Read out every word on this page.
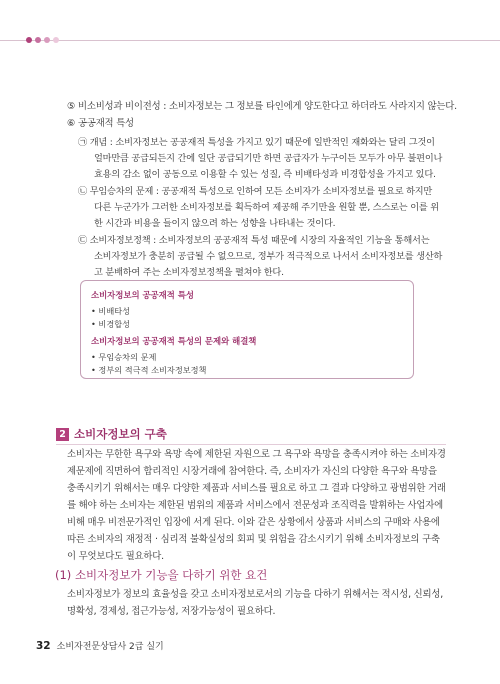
⑤ 비소비성과 비이전성 : 소비자정보는 그 정보를 타인에게 양도한다고 하더라도 사라지지 않는다.
⑥ 공공재적 특성
㉠ 개념 : 소비자정보는 공공재적 특성을 가지고 있기 때문에 일반적인 재화와는 달리 그것이
얼마만큼 공급되든지 간에 일단 공급되기만 하면 공급자가 누구이든 모두가 아무 불편이나
효용의 감소 없이 공동으로 이용할 수 있는 성질, 즉 비배타성과 비경합성을 가지고 있다.
㉡ 무임승차의 문제 : 공공재적 특성으로 인하여 모든 소비자가 소비자정보를 필요로 하지만
다른 누군가가 그러한 소비자정보를 획득하여 제공해 주기만을 원할 뿐, 스스로는 이를 위
한 시간과 비용을 들이지 않으려 하는 성향을 나타내는 것이다.
㉢ 소비자정보정책 : 소비자정보의 공공재적 특성 때문에 시장의 자율적인 기능을 통해서는
소비자정보가 충분히 공급될 수 없으므로, 정부가 적극적으로 나서서 소비자정보를 생산하
고 분배하여 주는 소비자정보정책을 펼쳐야 한다.
소비자정보의 공공재적 특성
• 비배타성
• 비경합성
소비자정보의 공공재적 특성의 문제와 해결책
• 무임승차의 문제
• 정부의 적극적 소비자정보정책
2 소비자정보의 구축
소비자는 무한한 욕구와 욕망 속에 제한된 자원으로 그 욕구와 욕망을 충족시켜야 하는 소비자경
제문제에 직면하여 합리적인 시장거래에 참여한다. 즉, 소비자가 자신의 다양한 욕구와 욕망을
충족시키기 위해서는 매우 다양한 제품과 서비스를 필요로 하고 그 결과 다양하고 광범위한 거래
를 해야 하는 소비자는 제한된 범위의 제품과 서비스에서 전문성과 조직력을 발휘하는 사업자에
비해 매우 비전문가적인 입장에 서게 된다. 이와 같은 상황에서 상품과 서비스의 구매와 사용에
따른 소비자의 재정적 · 심리적 불확실성의 회피 및 위험을 감소시키기 위해 소비자정보의 구축
이 무엇보다도 필요하다.
(1) 소비자정보가 기능을 다하기 위한 요건
소비자정보가 정보의 효율성을 갖고 소비자정보로서의 기능을 다하기 위해서는 적시성, 신뢰성,
명확성, 경제성, 접근가능성, 저장가능성이 필요하다.
32 소비자전문상담사 2급 실기
